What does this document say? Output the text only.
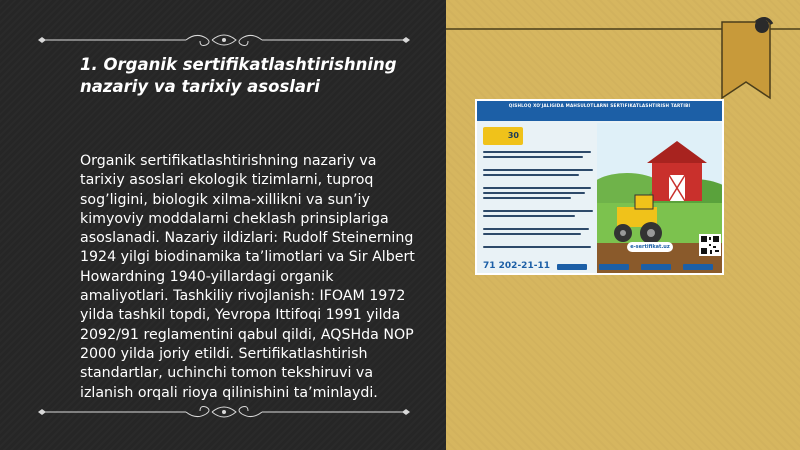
1. Organik sertifikatlashtirishning nazariy va tarixiy asoslari

Organik sertifikatlashtirishning nazariy va tarixiy asoslari ekologik tizimlarni, tuproq sog’ligini, biologik xilma-xillikni va sun’iy kimyoviy moddalarni cheklash prinsiplariga asoslanadi. Nazariy ildizlari: Rudolf Steinerning 1924 yilgi biodinamika ta’limotlari va Sir Albert Howardning 1940-yillardagi organik amaliyotlari. Tashkiliy rivojlanish: IFOAM 1972 yilda tashkil topdi, Yevropa Ittifoqi 1991 yilda 2092/91 reglamentini qabul qildi, AQSHda NOP 2000 yilda joriy etildi. Sertifikatlashtirish standartlar, uchinchi tomon tekshiruvi va izlanish orqali rioya qilinishini ta’minlaydi.

QISHLOQ XO'JALIGIDA MAHSULOTLARNI SERTIFIKATLASHTIRISH TARTIBI
30
e-sertifikat.uz
71 202-21-11
